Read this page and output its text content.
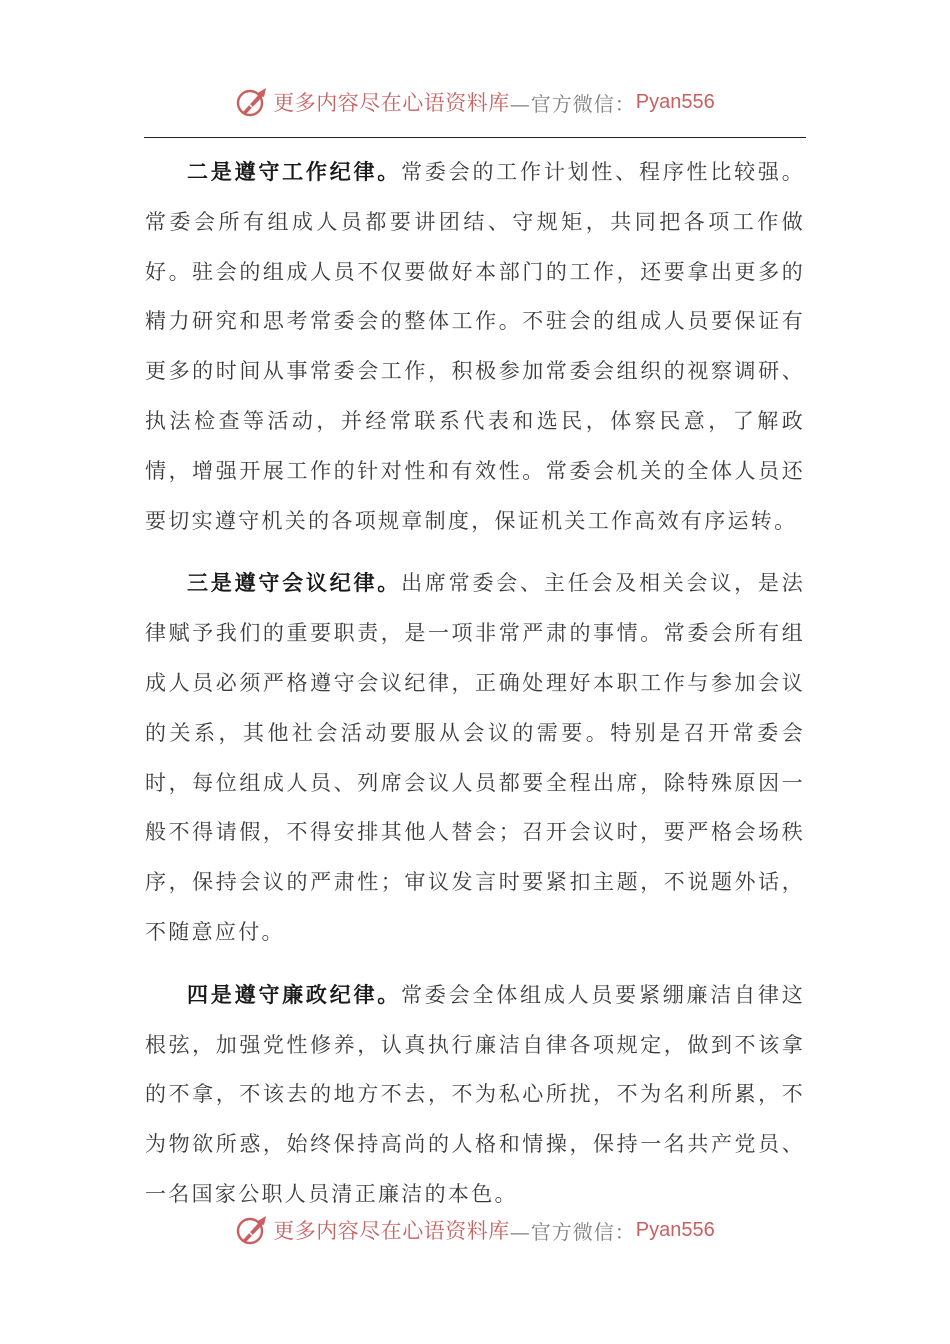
更多内容尽在心语资料库 —官方微信： Pyan556

二是遵守工作纪律。常委会的工作计划性、程序性比较强。常委会所有组成人员都要讲团结、守规矩，共同把各项工作做好。驻会的组成人员不仅要做好本部门的工作，还要拿出更多的精力研究和思考常委会的整体工作。不驻会的组成人员要保证有更多的时间从事常委会工作，积极参加常委会组织的视察调研、执法检查等活动，并经常联系代表和选民，体察民意，了解政情，增强开展工作的针对性和有效性。常委会机关的全体人员还要切实遵守机关的各项规章制度，保证机关工作高效有序运转。

三是遵守会议纪律。出席常委会、主任会及相关会议，是法律赋予我们的重要职责，是一项非常严肃的事情。常委会所有组成人员必须严格遵守会议纪律，正确处理好本职工作与参加会议的关系，其他社会活动要服从会议的需要。特别是召开常委会时，每位组成人员、列席会议人员都要全程出席，除特殊原因一般不得请假，不得安排其他人替会；召开会议时，要严格会场秩序，保持会议的严肃性；审议发言时要紧扣主题，不说题外话，不随意应付。

四是遵守廉政纪律。常委会全体组成人员要紧绷廉洁自律这根弦，加强党性修养，认真执行廉洁自律各项规定，做到不该拿的不拿，不该去的地方不去，不为私心所扰，不为名利所累，不为物欲所惑，始终保持高尚的人格和情操，保持一名共产党员、一名国家公职人员清正廉洁的本色。

更多内容尽在心语资料库 —官方微信： Pyan556
